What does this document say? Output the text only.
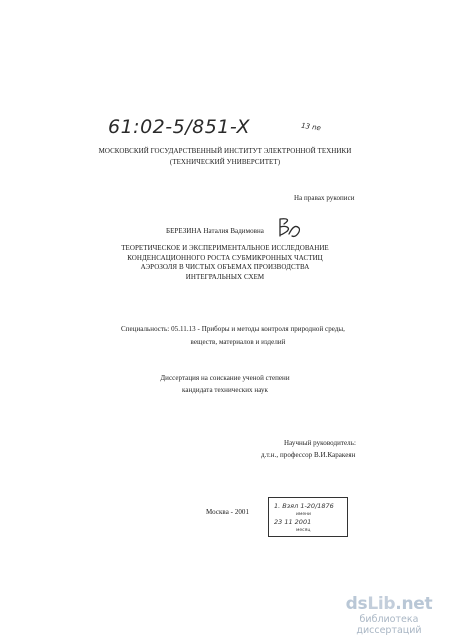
61:02-5/851-X	13 ne
МОСКОВСКИЙ ГОСУДАРСТВЕННЫЙ ИНСТИТУТ ЭЛЕКТРОННОЙ ТЕХНИКИ
(ТЕХНИЧЕСКИЙ УНИВЕРСИТЕТ)
На правах рукописи
БЕРЕЗИНА Наталия Вадимовна
ТЕОРЕТИЧЕСКОЕ И ЭКСПЕРИМЕНТАЛЬНОЕ ИССЛЕДОВАНИЕ
КОНДЕНСАЦИОННОГО РОСТА СУБМИКРОННЫХ ЧАСТИЦ
АЭРОЗОЛЯ В ЧИСТЫХ ОБЪЕМАХ ПРОИЗВОДСТВА
ИНТЕГРАЛЬНЫХ СХЕМ
Специальность: 05.11.13 - Приборы и методы контроля природной среды,
веществ, материалов и изделий
Диссертация на соискание ученой степени
кандидата технических наук
Научный руководитель:
д.т.н., профессор В.И.Каракеян
Москва - 2001
1. Взял 1-20/1876
имени
23 11 2001
месяц
dsLib.net
библиотека диссертаций
